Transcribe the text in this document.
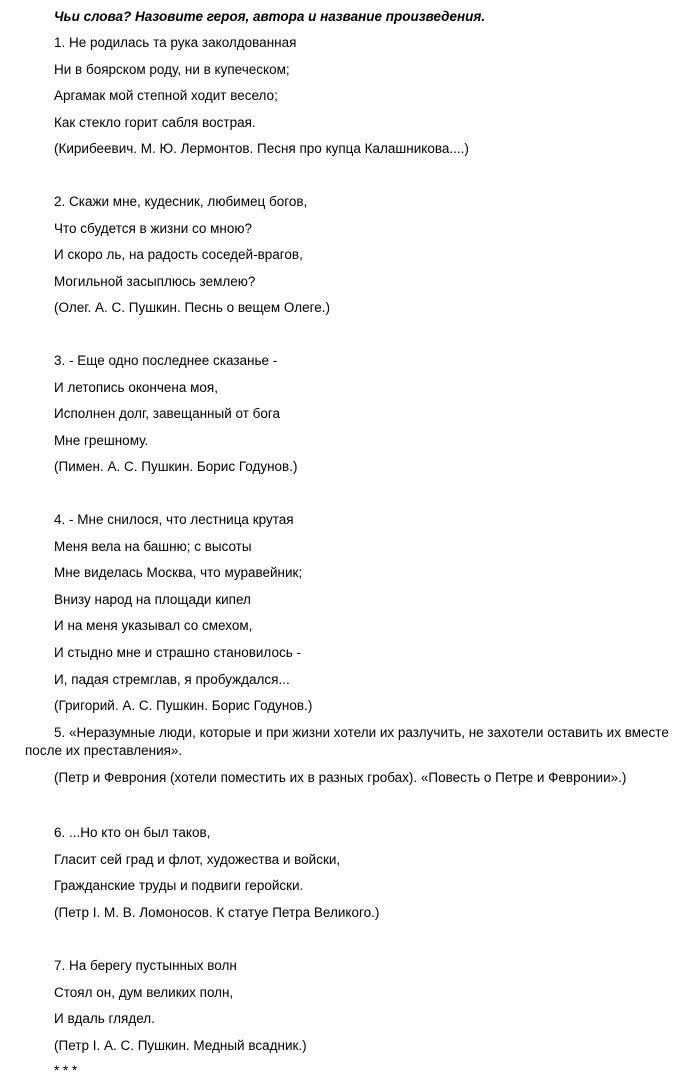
Чьи слова? Назовите героя, автора и название произведения.
1. Не родилась та рука заколдованная
Ни в боярском роду, ни в купеческом;
Аргамак мой степной ходит весело;
Как стекло горит сабля вострая.
(Кирибеевич. М. Ю. Лермонтов. Песня про купца Калашникова....)
2. Скажи мне, кудесник, любимец богов,
Что сбудется в жизни со мною?
И скоро ль, на радость соседей-врагов,
Могильной засыплюсь землею?
(Олег. А. С. Пушкин. Песнь о вещем Олеге.)
3. - Еще одно последнее сказанье -
И летопись окончена моя,
Исполнен долг, завещанный от бога
Мне грешному.
(Пимен. А. С. Пушкин. Борис Годунов.)
4. - Мне снилося, что лестница крутая
Меня вела на башню; с высоты
Мне виделась Москва, что муравейник;
Внизу народ на площади кипел
И на меня указывал со смехом,
И стыдно мне и страшно становилось -
И, падая стремглав, я пробуждался...
(Григорий. А. С. Пушкин. Борис Годунов.)
5. «Неразумные люди, которые и при жизни хотели их разлучить, не захотели оставить их вместе после их преставления».
(Петр и Феврония (хотели поместить их в разных гробах). «Повесть о Петре и Февронии».)
6. ...Но кто он был таков,
Гласит сей град и флот, художества и войски,
Гражданские труды и подвиги геройски.
(Петр I. М. В. Ломоносов. К статуе Петра Великого.)
7. На берегу пустынных волн
Стоял он, дум великих полн,
И вдаль глядел.
(Петр I. А. С. Пушкин. Медный всадник.)
* * *
